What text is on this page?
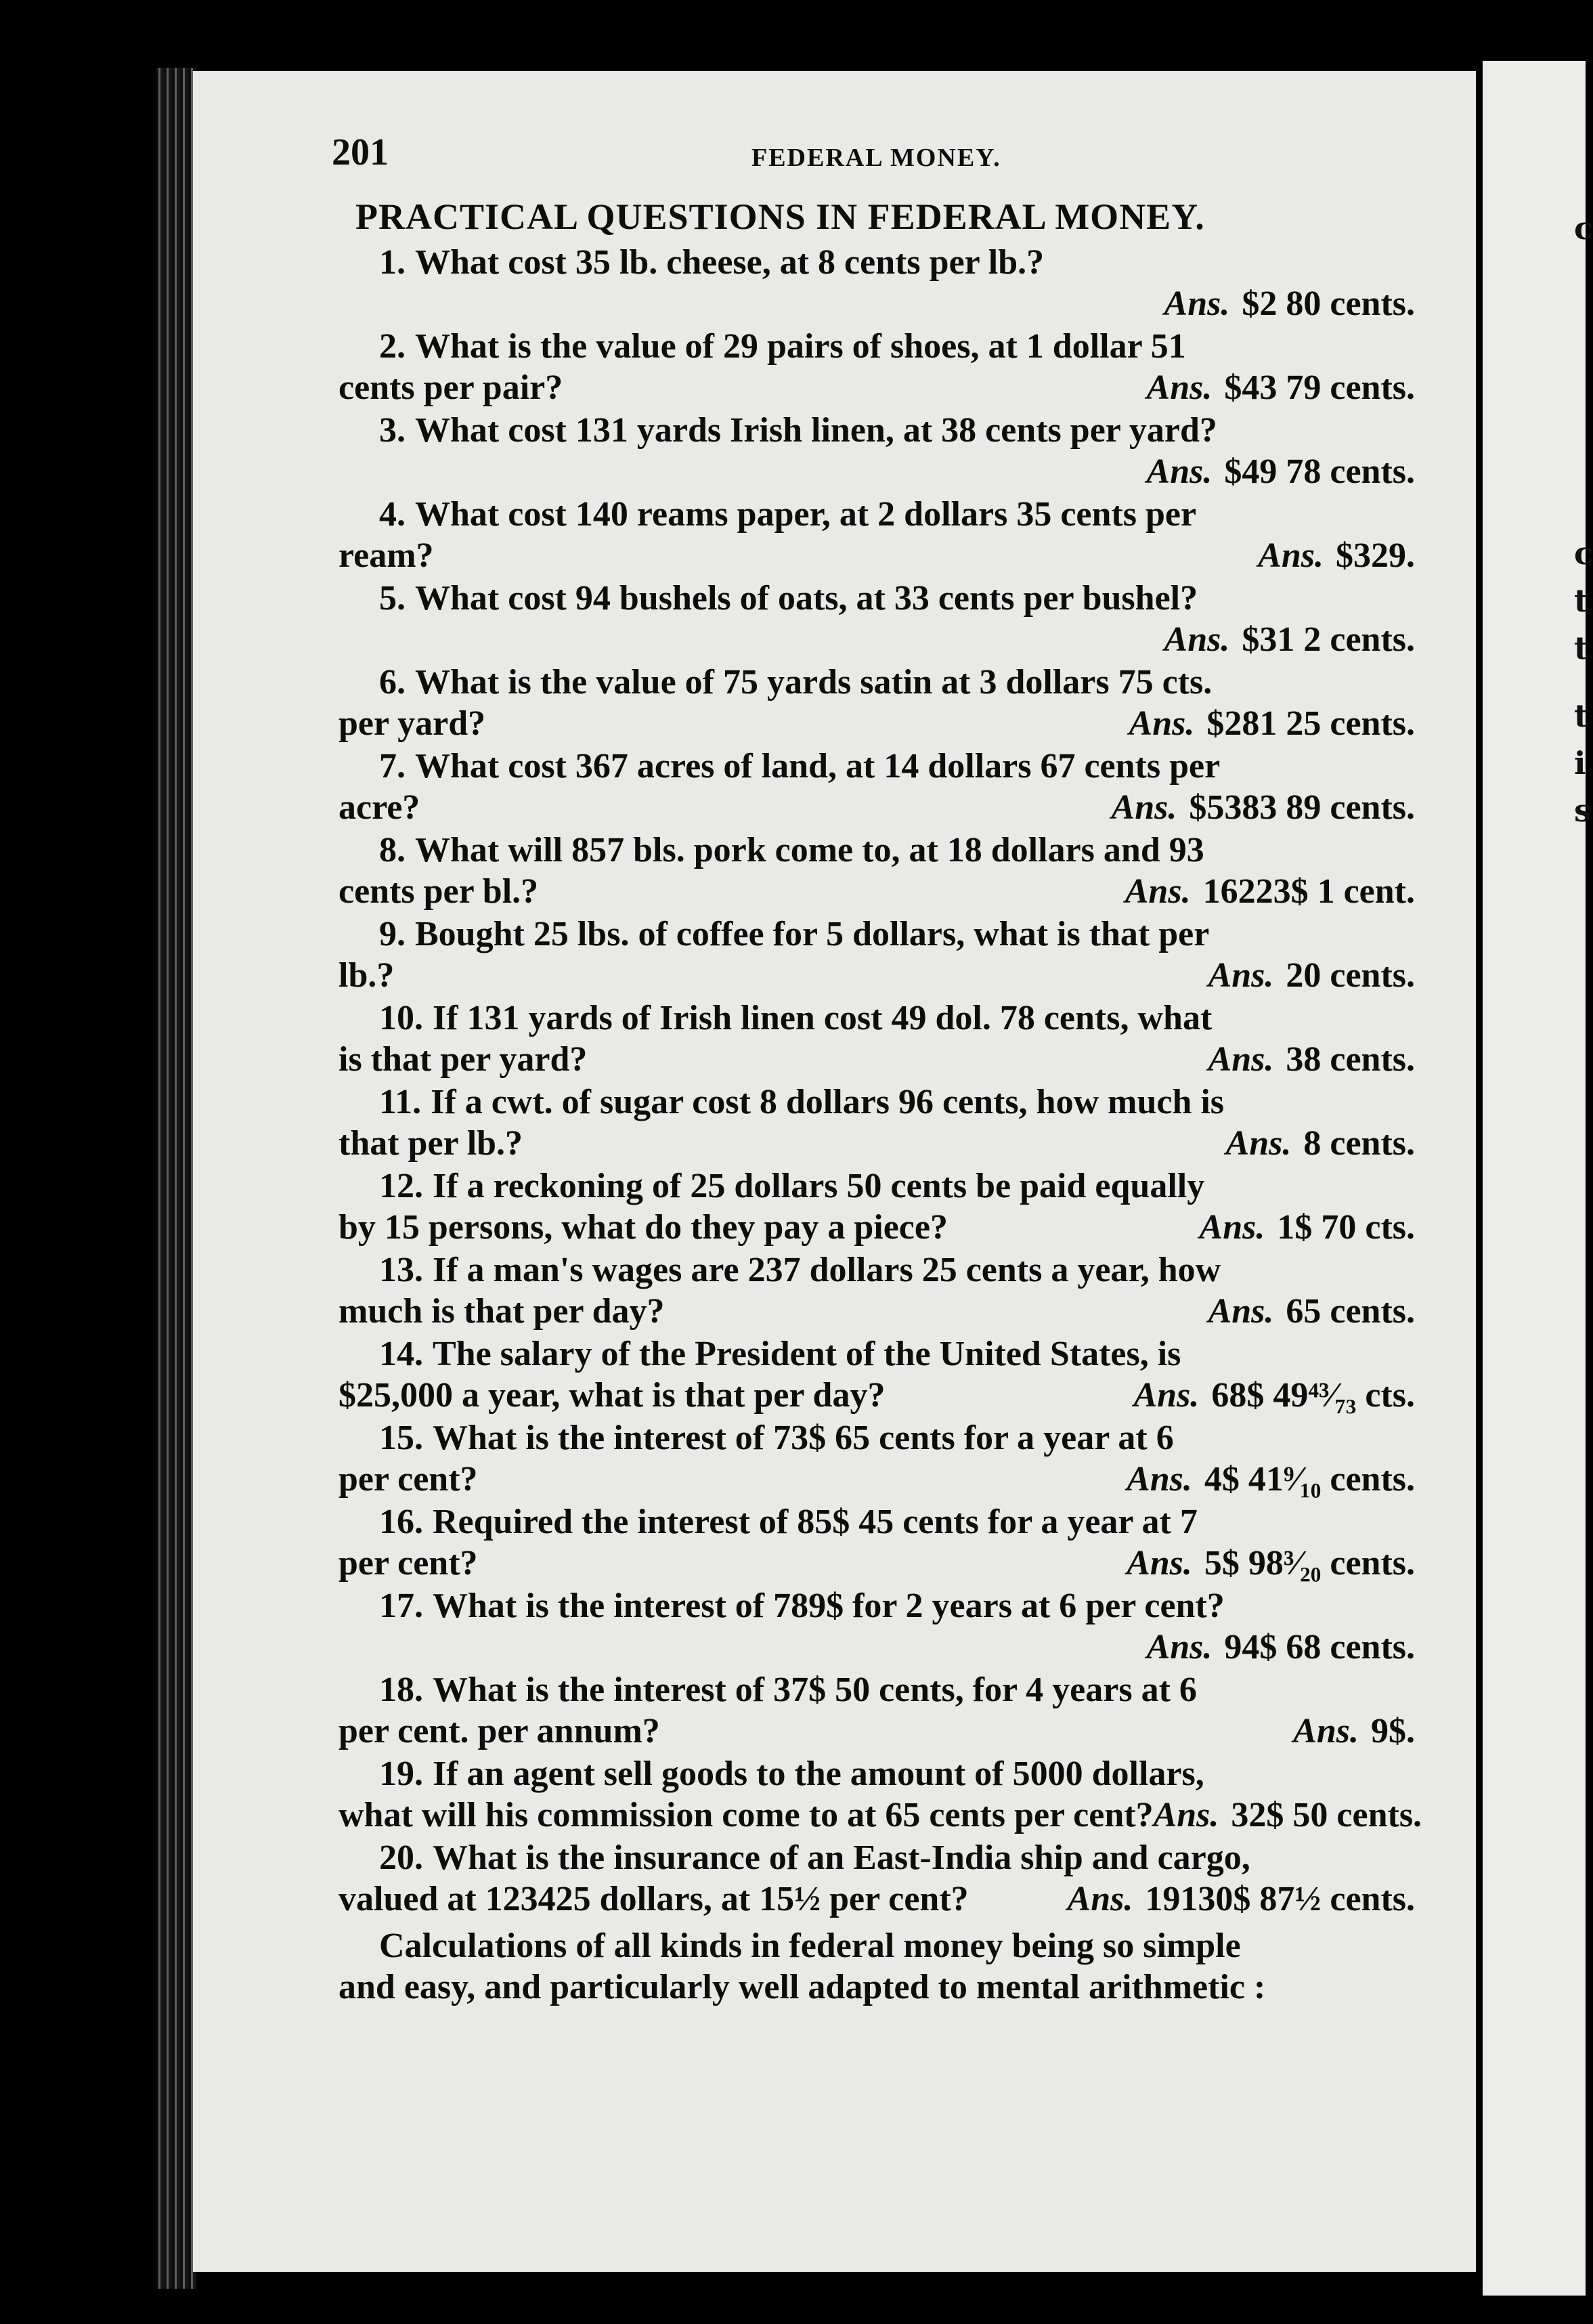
201	FEDERAL MONEY.
PRACTICAL QUESTIONS IN FEDERAL MONEY.
1. What cost 35 lb. cheese, at 8 cents per lb.?
Ans. $2 80 cents.
2. What is the value of 29 pairs of shoes, at 1 dollar 51
cents per pair?	Ans. $43 79 cents.
3. What cost 131 yards Irish linen, at 38 cents per yard?
Ans. $49 78 cents.
4. What cost 140 reams paper, at 2 dollars 35 cents per
ream?	Ans. $329.
5. What cost 94 bushels of oats, at 33 cents per bushel?
Ans. $31 2 cents.
6. What is the value of 75 yards satin at 3 dollars 75 cts.
per yard?	Ans. $281 25 cents.
7. What cost 367 acres of land, at 14 dollars 67 cents per
acre?	Ans. $5383 89 cents.
8. What will 857 bls. pork come to, at 18 dollars and 93
cents per bl.?	Ans. 16223$ 1 cent.
9. Bought 25 lbs. of coffee for 5 dollars, what is that per
lb.?	Ans. 20 cents.
10. If 131 yards of Irish linen cost 49 dol. 78 cents, what
is that per yard?	Ans. 38 cents.
11. If a cwt. of sugar cost 8 dollars 96 cents, how much is
that per lb.?	Ans. 8 cents.
12. If a reckoning of 25 dollars 50 cents be paid equally
by 15 persons, what do they pay a piece?	Ans. 1$ 70 cts.
13. If a man's wages are 237 dollars 25 cents a year, how
much is that per day?	Ans. 65 cents.
14. The salary of the President of the United States, is
$25,000 a year, what is that per day?	Ans. 68$ 49⁴³⁄₇₃ cts.
15. What is the interest of 73$ 65 cents for a year at 6
per cent?	Ans. 4$ 41⁹⁄₁₀ cents.
16. Required the interest of 85$ 45 cents for a year at 7
per cent?	Ans. 5$ 98³⁄₂₀ cents.
17. What is the interest of 789$ for 2 years at 6 per cent?
Ans. 94$ 68 cents.
18. What is the interest of 37$ 50 cents, for 4 years at 6
per cent. per annum?	Ans. 9$.
19. If an agent sell goods to the amount of 5000 dollars,
what will his commission come to at 65 cents per cent? Ans. 32$ 50 cents.
20. What is the insurance of an East-India ship and cargo,
valued at 123425 dollars, at 15½ per cent?	Ans. 19130$ 87½ cents.
Calculations of all kinds in federal money being so simple
and easy, and particularly well adapted to mental arithmetic :
c
c
t
t
t
i
s
